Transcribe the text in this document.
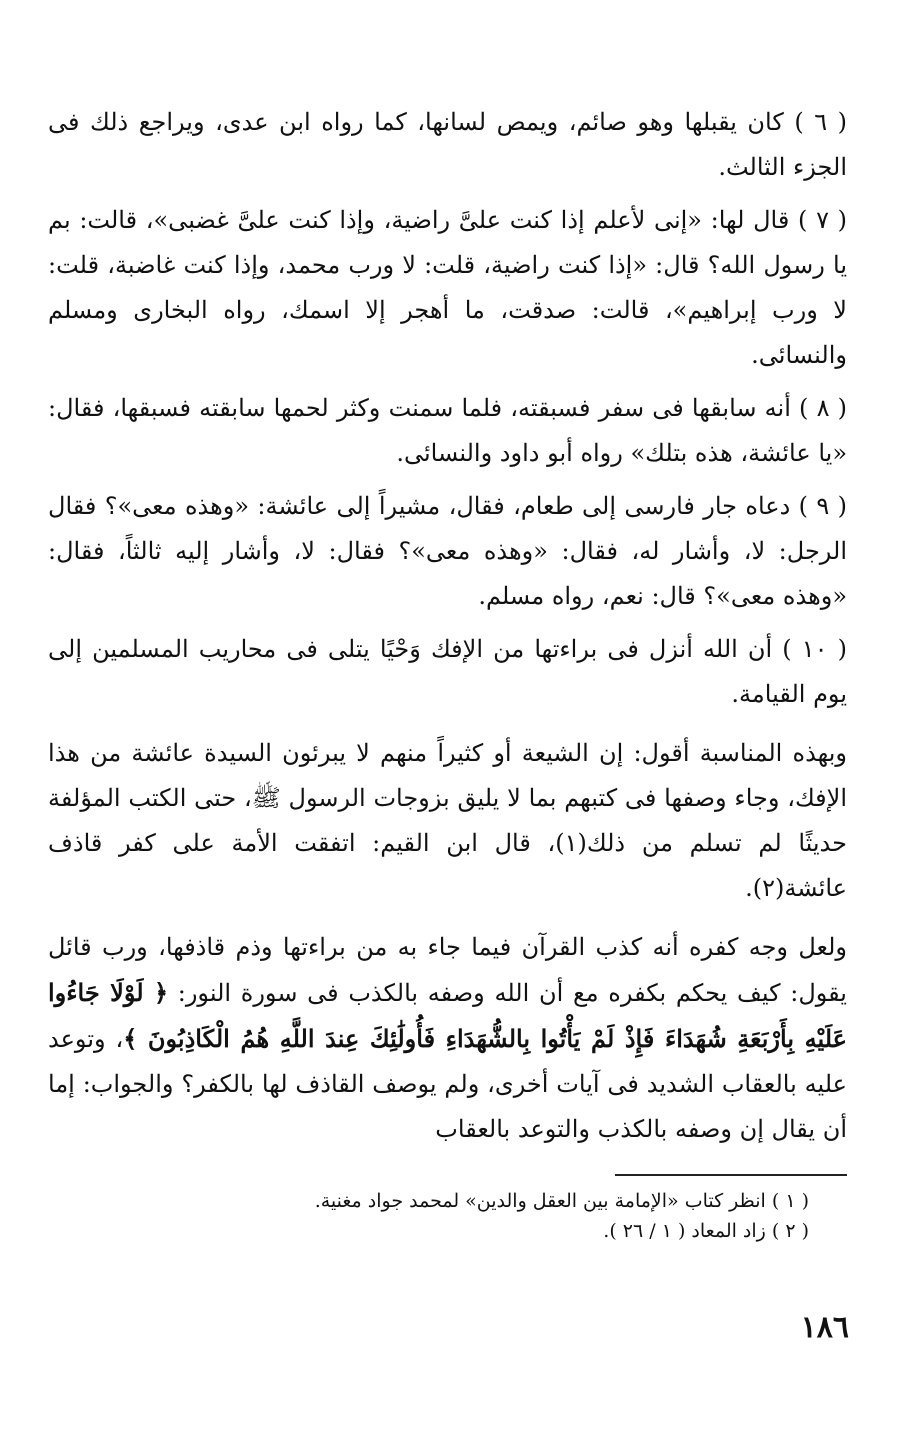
( ٦ ) كان يقبلها وهو صائم، ويمص لسانها، كما رواه ابن عدى، ويراجع ذلك فى الجزء الثالث.

( ٧ ) قال لها: «إنى لأعلم إذا كنت علىَّ راضية، وإذا كنت علىَّ غضبى»، قالت: بم يا رسول الله؟ قال: «إذا كنت راضية، قلت: لا ورب محمد، وإذا كنت غاضبة، قلت: لا ورب إبراهيم»، قالت: صدقت، ما أهجر إلا اسمك، رواه البخارى ومسلم والنسائى.

( ٨ ) أنه سابقها فى سفر فسبقته، فلما سمنت وكثر لحمها سابقته فسبقها، فقال: «يا عائشة، هذه بتلك» رواه أبو داود والنسائى.

( ٩ ) دعاه جار فارسى إلى طعام، فقال، مشيراً إلى عائشة: «وهذه معى»؟ فقال الرجل: لا، وأشار له، فقال: «وهذه معى»؟ فقال: لا، وأشار إليه ثالثاً، فقال: «وهذه معى»؟ قال: نعم، رواه مسلم.

( ١٠ ) أن الله أنزل فى براءتها من الإفك وَحْيًا يتلى فى محاريب المسلمين إلى يوم القيامة.

وبهذه المناسبة أقول: إن الشيعة أو كثيراً منهم لا يبرئون السيدة عائشة من هذا الإفك، وجاء وصفها فى كتبهم بما لا يليق بزوجات الرسول ﷺ، حتى الكتب المؤلفة حديثًا لم تسلم من ذلك(١)، قال ابن القيم: اتفقت الأمة على كفر قاذف عائشة(٢).

ولعل وجه كفره أنه كذب القرآن فيما جاء به من براءتها وذم قاذفها، ورب قائل يقول: كيف يحكم بكفره مع أن الله وصفه بالكذب فى سورة النور: ﴿ لَوْلَا جَاءُوا عَلَيْهِ بِأَرْبَعَةِ شُهَدَاءَ فَإِذْ لَمْ يَأْتُوا بِالشُّهَدَاءِ فَأُولَٰئِكَ عِندَ اللَّهِ هُمُ الْكَاذِبُونَ ﴾، وتوعد عليه بالعقاب الشديد فى آيات أخرى، ولم يوصف القاذف لها بالكفر؟ والجواب: إما أن يقال إن وصفه بالكذب والتوعد بالعقاب

( ١ ) انظر كتاب «الإمامة بين العقل والدين» لمحمد جواد مغنية.

( ٢ ) زاد المعاد ( ١ / ٢٦ ).

١٨٦
